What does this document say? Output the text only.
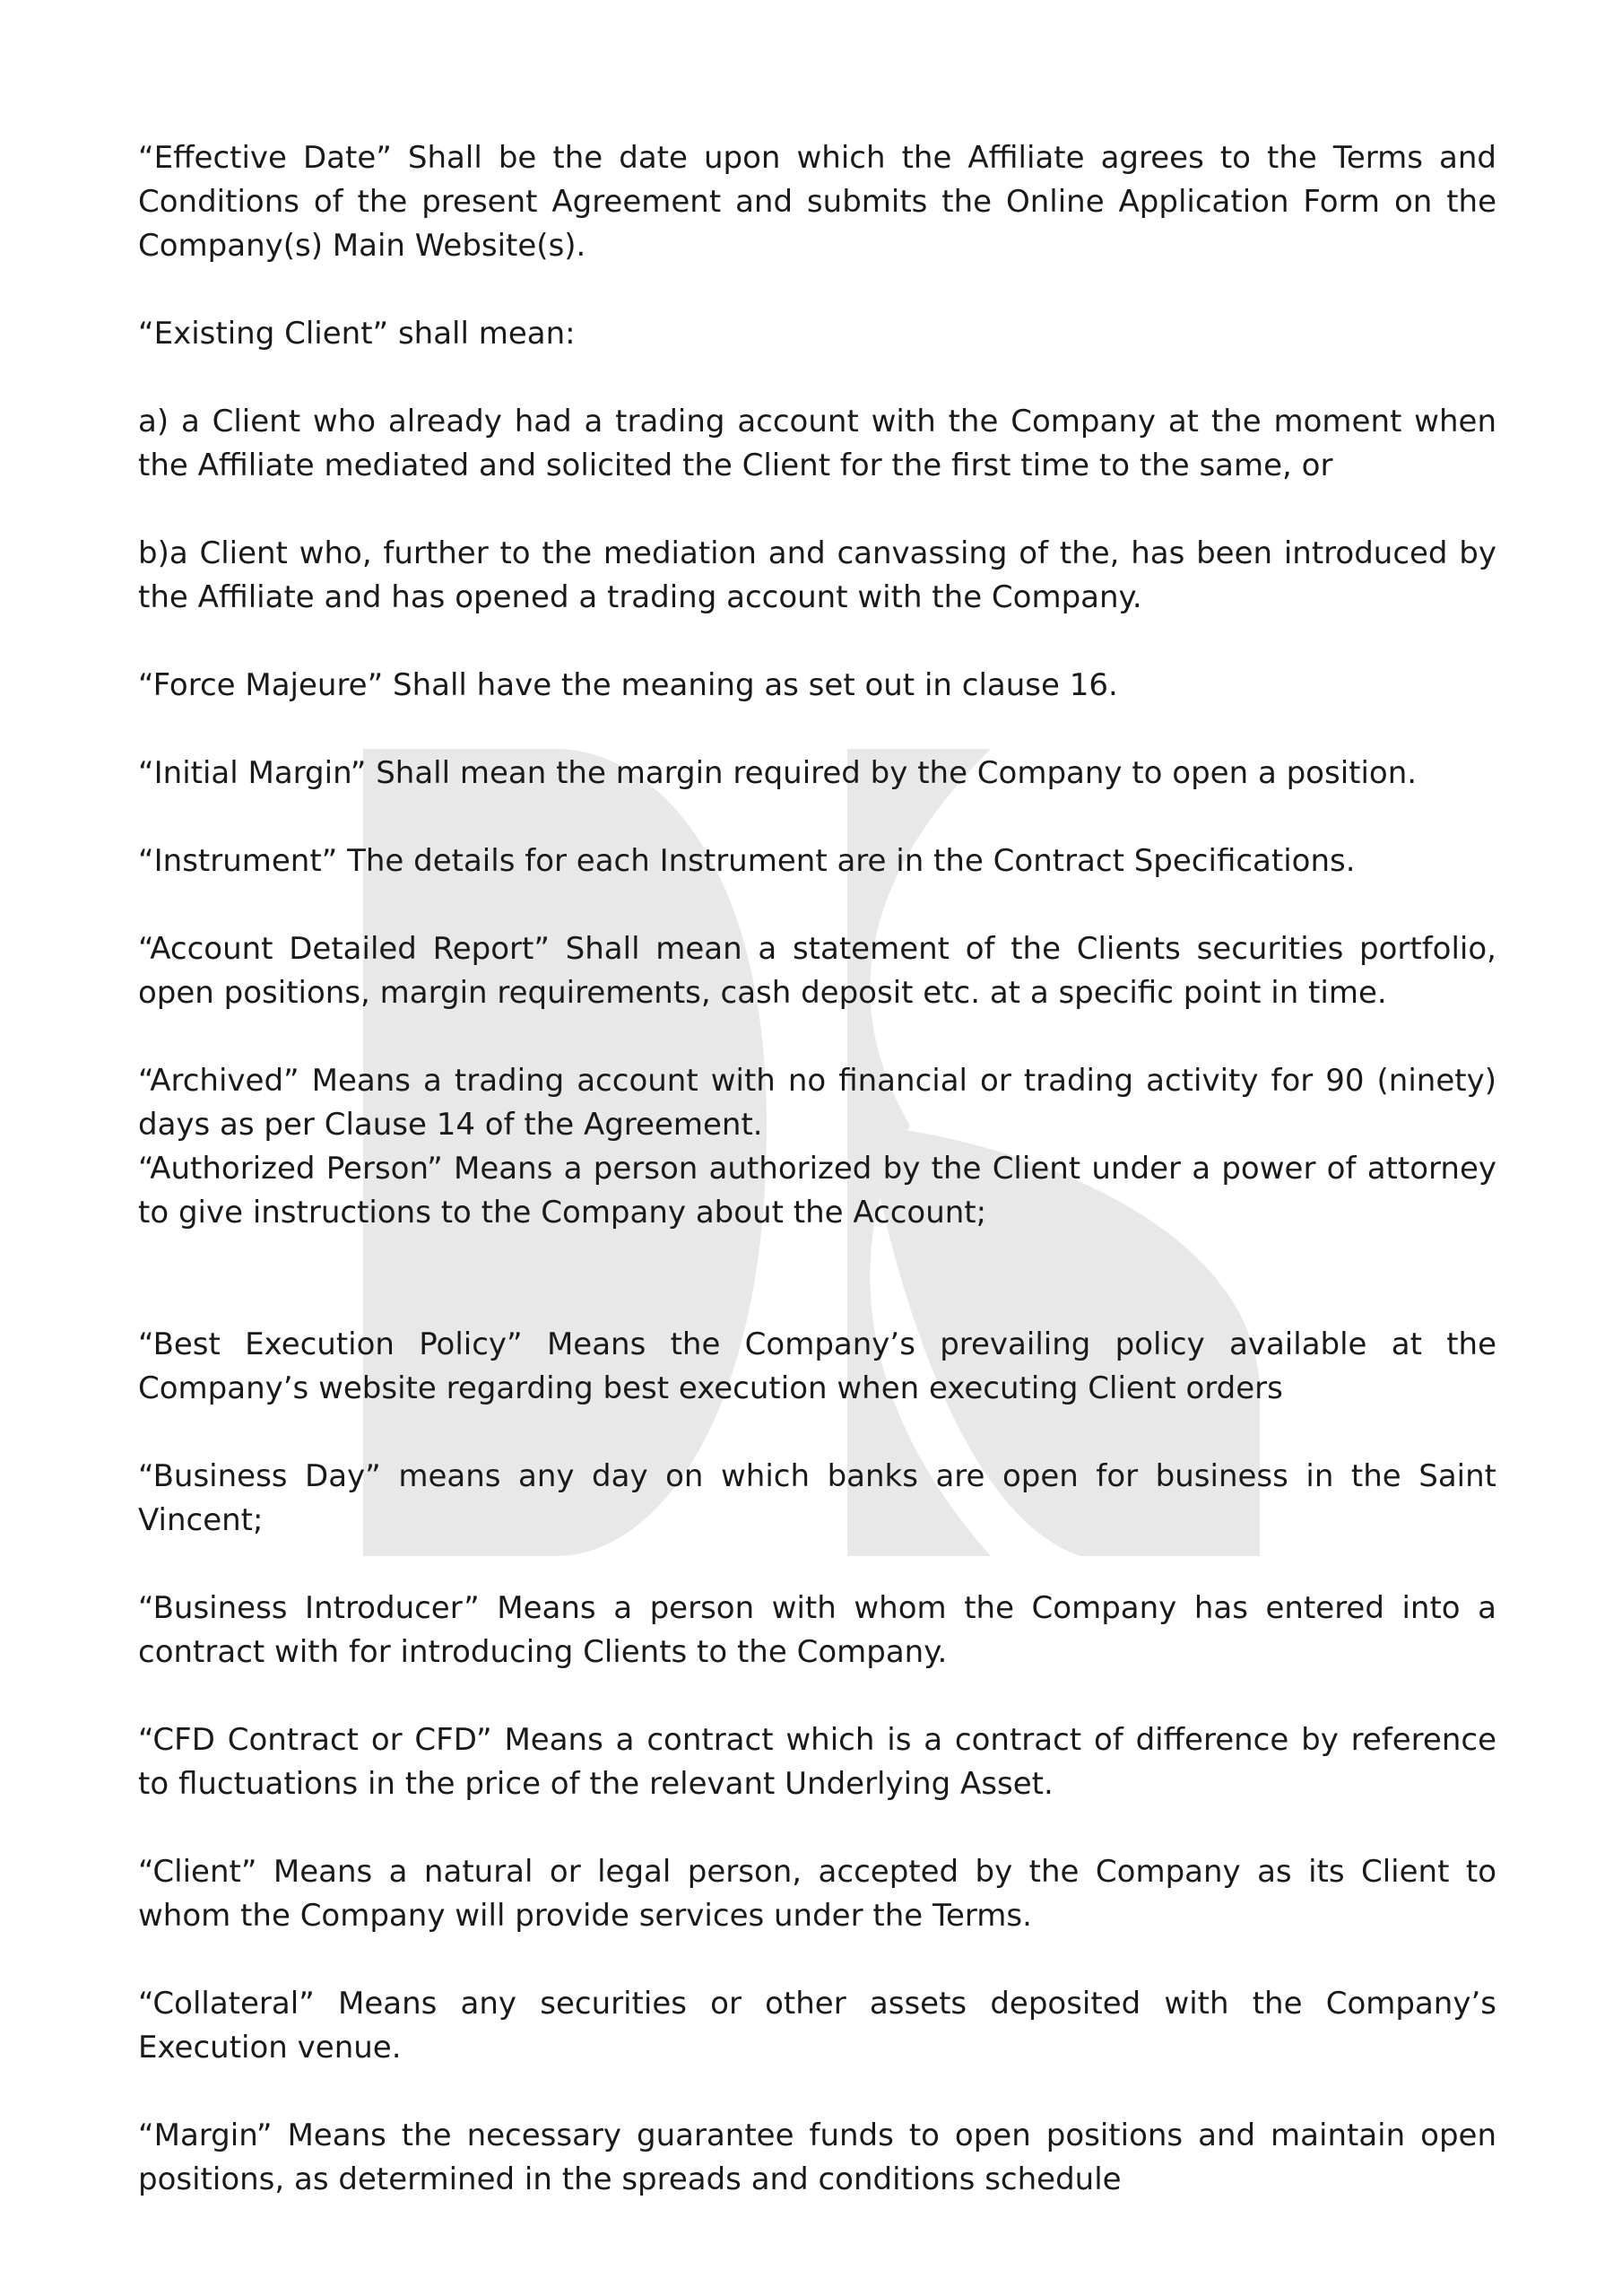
“Effective Date” Shall be the date upon which the Affiliate agrees to the Terms and Conditions of the present Agreement and submits the Online Application Form on the Company(s) Main Website(s).

“Existing Client” shall mean:

a) a Client who already had a trading account with the Company at the moment when the Affiliate mediated and solicited the Client for the first time to the same, or

b)a Client who, further to the mediation and canvassing of the, has been introduced by the Affiliate and has opened a trading account with the Company.

“Force Majeure” Shall have the meaning as set out in clause 16.

“Initial Margin” Shall mean the margin required by the Company to open a position.

“Instrument” The details for each Instrument are in the Contract Specifications.

“Account Detailed Report” Shall mean a statement of the Clients securities portfolio, open positions, margin requirements, cash deposit etc. at a specific point in time.

“Archived” Means a trading account with no financial or trading activity for 90 (ninety) days as per Clause 14 of the Agreement.

“Authorized Person” Means a person authorized by the Client under a power of attorney to give instructions to the Company about the Account;

“Best Execution Policy” Means the Company’s prevailing policy available at the Company’s website regarding best execution when executing Client orders

“Business Day” means any day on which banks are open for business in the Saint Vincent;

“Business Introducer” Means a person with whom the Company has entered into a contract with for introducing Clients to the Company.

“CFD Contract or CFD” Means a contract which is a contract of difference by reference to fluctuations in the price of the relevant Underlying Asset.

“Client” Means a natural or legal person, accepted by the Company as its Client to whom the Company will provide services under the Terms.

“Collateral” Means any securities or other assets deposited with the Company’s Execution venue.

“Margin” Means the necessary guarantee funds to open positions and maintain open positions, as determined in the spreads and conditions schedule
